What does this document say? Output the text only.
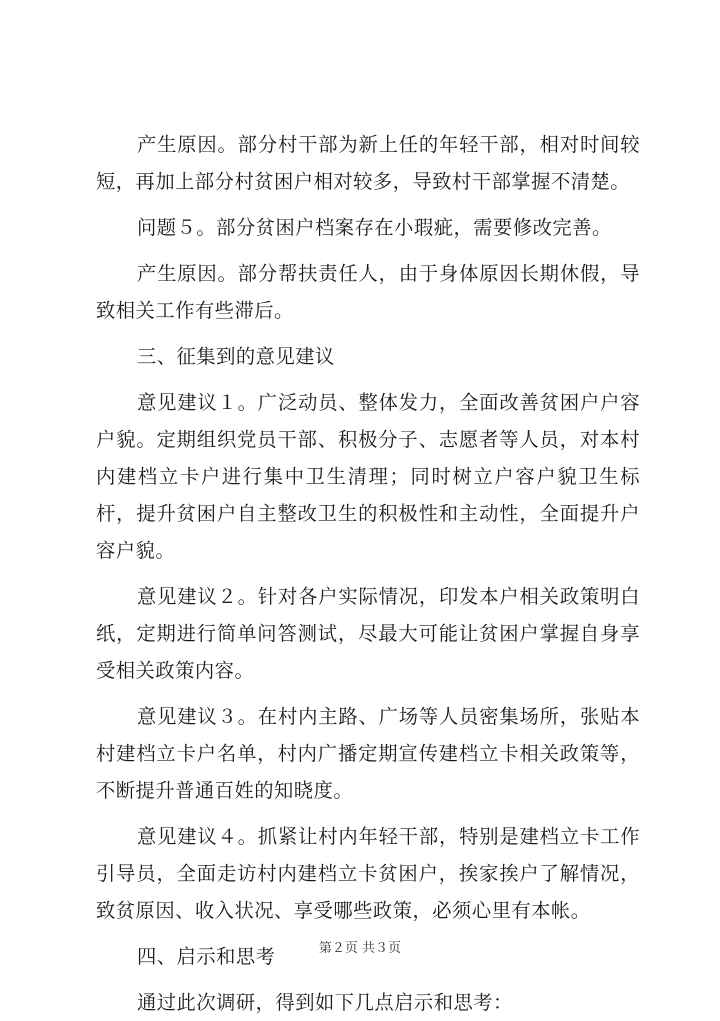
产生原因。部分村干部为新上任的年轻干部，相对时间较短，再加上部分村贫困户相对较多，导致村干部掌握不清楚。

问题５。部分贫困户档案存在小瑕疵，需要修改完善。

产生原因。部分帮扶责任人，由于身体原因长期休假，导致相关工作有些滞后。

三、征集到的意见建议

意见建议１。广泛动员、整体发力，全面改善贫困户户容户貌。定期组织党员干部、积极分子、志愿者等人员，对本村内建档立卡户进行集中卫生清理；同时树立户容户貌卫生标杆，提升贫困户自主整改卫生的积极性和主动性，全面提升户容户貌。

意见建议２。针对各户实际情况，印发本户相关政策明白纸，定期进行简单问答测试，尽最大可能让贫困户掌握自身享受相关政策内容。

意见建议３。在村内主路、广场等人员密集场所，张贴本村建档立卡户名单，村内广播定期宣传建档立卡相关政策等，不断提升普通百姓的知晓度。

意见建议４。抓紧让村内年轻干部，特别是建档立卡工作引导员，全面走访村内建档立卡贫困户，挨家挨户了解情况，致贫原因、收入状况、享受哪些政策，必须心里有本帐。

四、启示和思考

通过此次调研，得到如下几点启示和思考：

第２页 共３页
